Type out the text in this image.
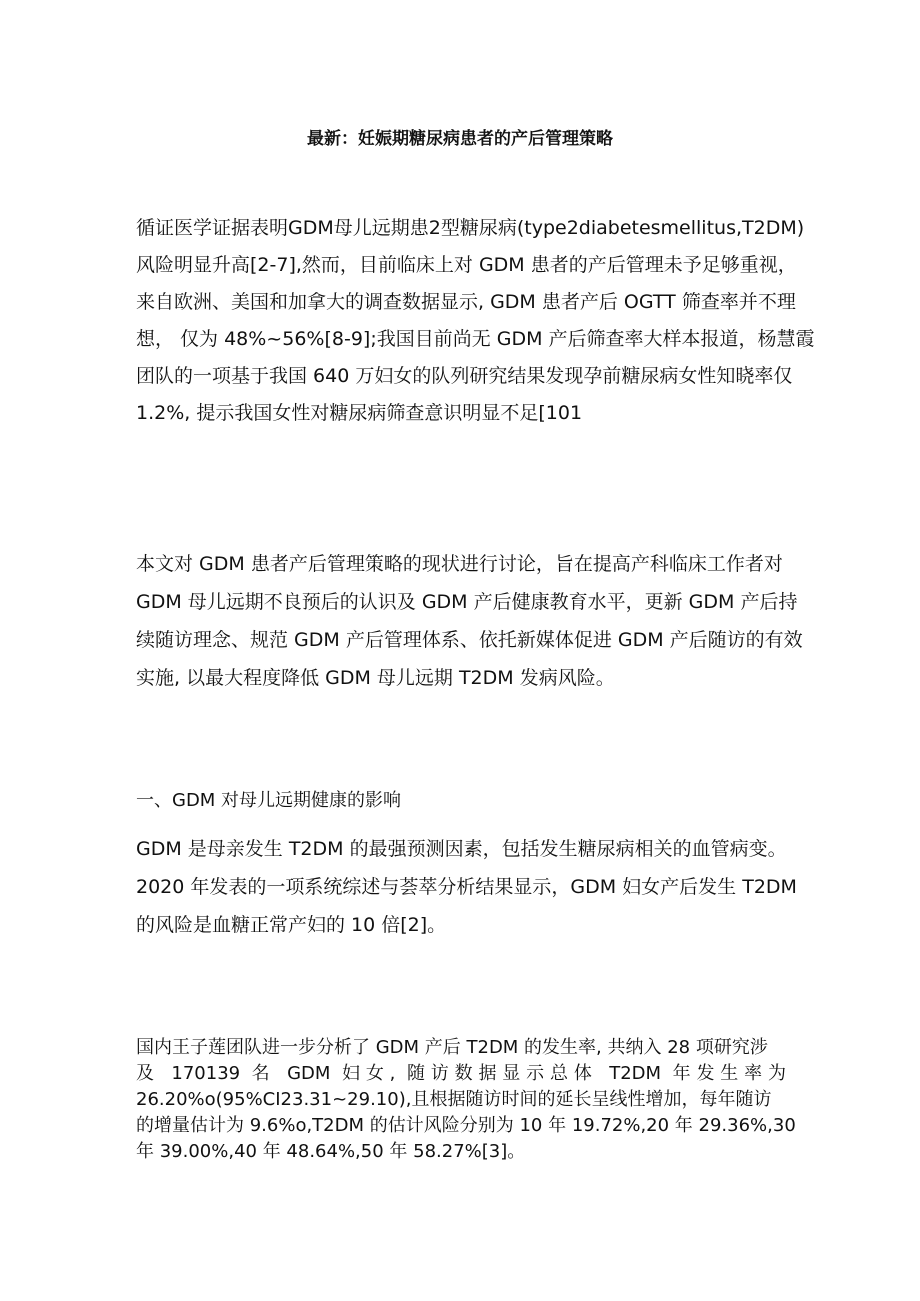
最新：妊娠期糖尿病患者的产后管理策略
循证医学证据表明GDM母儿远期患2型糖尿病(type2diabetesmellitus,T2DM)
风险明显升高[2-7],然而，目前临床上对 GDM 患者的产后管理未予足够重视，
来自欧洲、美国和加拿大的调查数据显示, GDM 患者产后 OGTT 筛查率并不理
想， 仅为 48%~56%[8-9];我国目前尚无 GDM 产后筛查率大样本报道，杨慧霞
团队的一项基于我国 640 万妇女的队列研究结果发现孕前糖尿病女性知晓率仅
1.2%, 提示我国女性对糖尿病筛查意识明显不足[101
本文对 GDM 患者产后管理策略的现状进行讨论，旨在提高产科临床工作者对
GDM 母儿远期不良预后的认识及 GDM 产后健康教育水平，更新 GDM 产后持
续随访理念、规范 GDM 产后管理体系、依托新媒体促进 GDM 产后随访的有效
实施, 以最大程度降低 GDM 母儿远期 T2DM 发病风险。
一、GDM 对母儿远期健康的影响
GDM 是母亲发生 T2DM 的最强预测因素，包括发生糖尿病相关的血管病变。
2020 年发表的一项系统综述与荟萃分析结果显示，GDM 妇女产后发生 T2DM
的风险是血糖正常产妇的 10 倍[2]。
国内王子莲团队进一步分析了 GDM 产后 T2DM 的发生率, 共纳入 28 项研究涉
及 170139 名 GDM 妇女, 随访数据显示总体 T2DM 年发生率为
26.20%o(95%CI23.31~29.10),且根据随访时间的延长呈线性增加，每年随访
的增量估计为 9.6%o,T2DM 的估计风险分别为 10 年 19.72%,20 年 29.36%,30
年 39.00%,40 年 48.64%,50 年 58.27%[3]。
